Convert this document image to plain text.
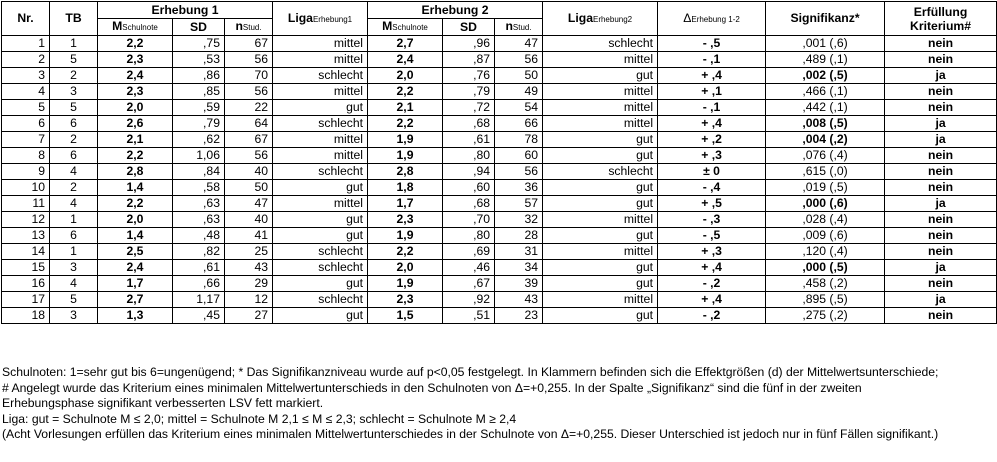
Nr.	TB	Erhebung 1			LigaErhebung1	Erhebung 2			LigaErhebung2	ΔErhebung 1-2	Signifikanz*	Erfüllung
Kriterium#
		MSchulnote	SD	nStud.		MSchulnote	SD	nStud.				
1	1	2,2	,75	67	mittel	2,7	,96	47	schlecht	- ,5	,001 (,6)	nein
2	5	2,3	,53	56	mittel	2,4	,87	56	mittel	- ,1	,489 (,1)	nein
3	2	2,4	,86	70	schlecht	2,0	,76	50	gut	+ ,4	,002 (,5)	ja
4	3	2,3	,85	56	mittel	2,2	,79	49	mittel	+ ,1	,466 (,1)	nein
5	5	2,0	,59	22	gut	2,1	,72	54	mittel	- ,1	,442 (,1)	nein
6	6	2,6	,79	64	schlecht	2,2	,68	66	mittel	+ ,4	,008 (,5)	ja
7	2	2,1	,62	67	mittel	1,9	,61	78	gut	+ ,2	,004 (,2)	ja
8	6	2,2	1,06	56	mittel	1,9	,80	60	gut	+ ,3	,076 (,4)	nein
9	4	2,8	,84	40	schlecht	2,8	,94	56	schlecht	± 0	,615 (,0)	nein
10	2	1,4	,58	50	gut	1,8	,60	36	gut	- ,4	,019 (,5)	nein
11	4	2,2	,63	47	mittel	1,7	,68	57	gut	+ ,5	,000 (,6)	ja
12	1	2,0	,63	40	gut	2,3	,70	32	mittel	- ,3	,028 (,4)	nein
13	6	1,4	,48	41	gut	1,9	,80	28	gut	- ,5	,009 (,6)	nein
14	1	2,5	,82	25	schlecht	2,2	,69	31	mittel	+ ,3	,120 (,4)	nein
15	3	2,4	,61	43	schlecht	2,0	,46	34	gut	+ ,4	,000 (,5)	ja
16	4	1,7	,66	29	gut	1,9	,67	39	gut	- ,2	,458 (,2)	nein
17	5	2,7	1,17	12	schlecht	2,3	,92	43	mittel	+ ,4	,895 (,5)	ja
18	3	1,3	,45	27	gut	1,5	,51	23	gut	- ,2	,275 (,2)	nein

Schulnoten: 1=sehr gut bis 6=ungenügend; * Das Signifikanzniveau wurde auf p<0,05 festgelegt. In Klammern befinden sich die Effektgrößen (d) der Mittelwertsunterschiede; # Angelegt wurde das Kriterium eines minimalen Mittelwertunterschieds in den Schulnoten von Δ=+0,255. In der Spalte „Signifikanz“ sind die fünf in der zweiten Erhebungsphase signifikant verbesserten LSV fett markiert.

Liga: gut = Schulnote M ≤ 2,0; mittel = Schulnote M 2,1 ≤ M ≤ 2,3; schlecht = Schulnote M ≥ 2,4

(Acht Vorlesungen erfüllen das Kriterium eines minimalen Mittelwertunterschiedes in der Schulnote von Δ=+0,255. Dieser Unterschied ist jedoch nur in fünf Fällen signifikant.)
